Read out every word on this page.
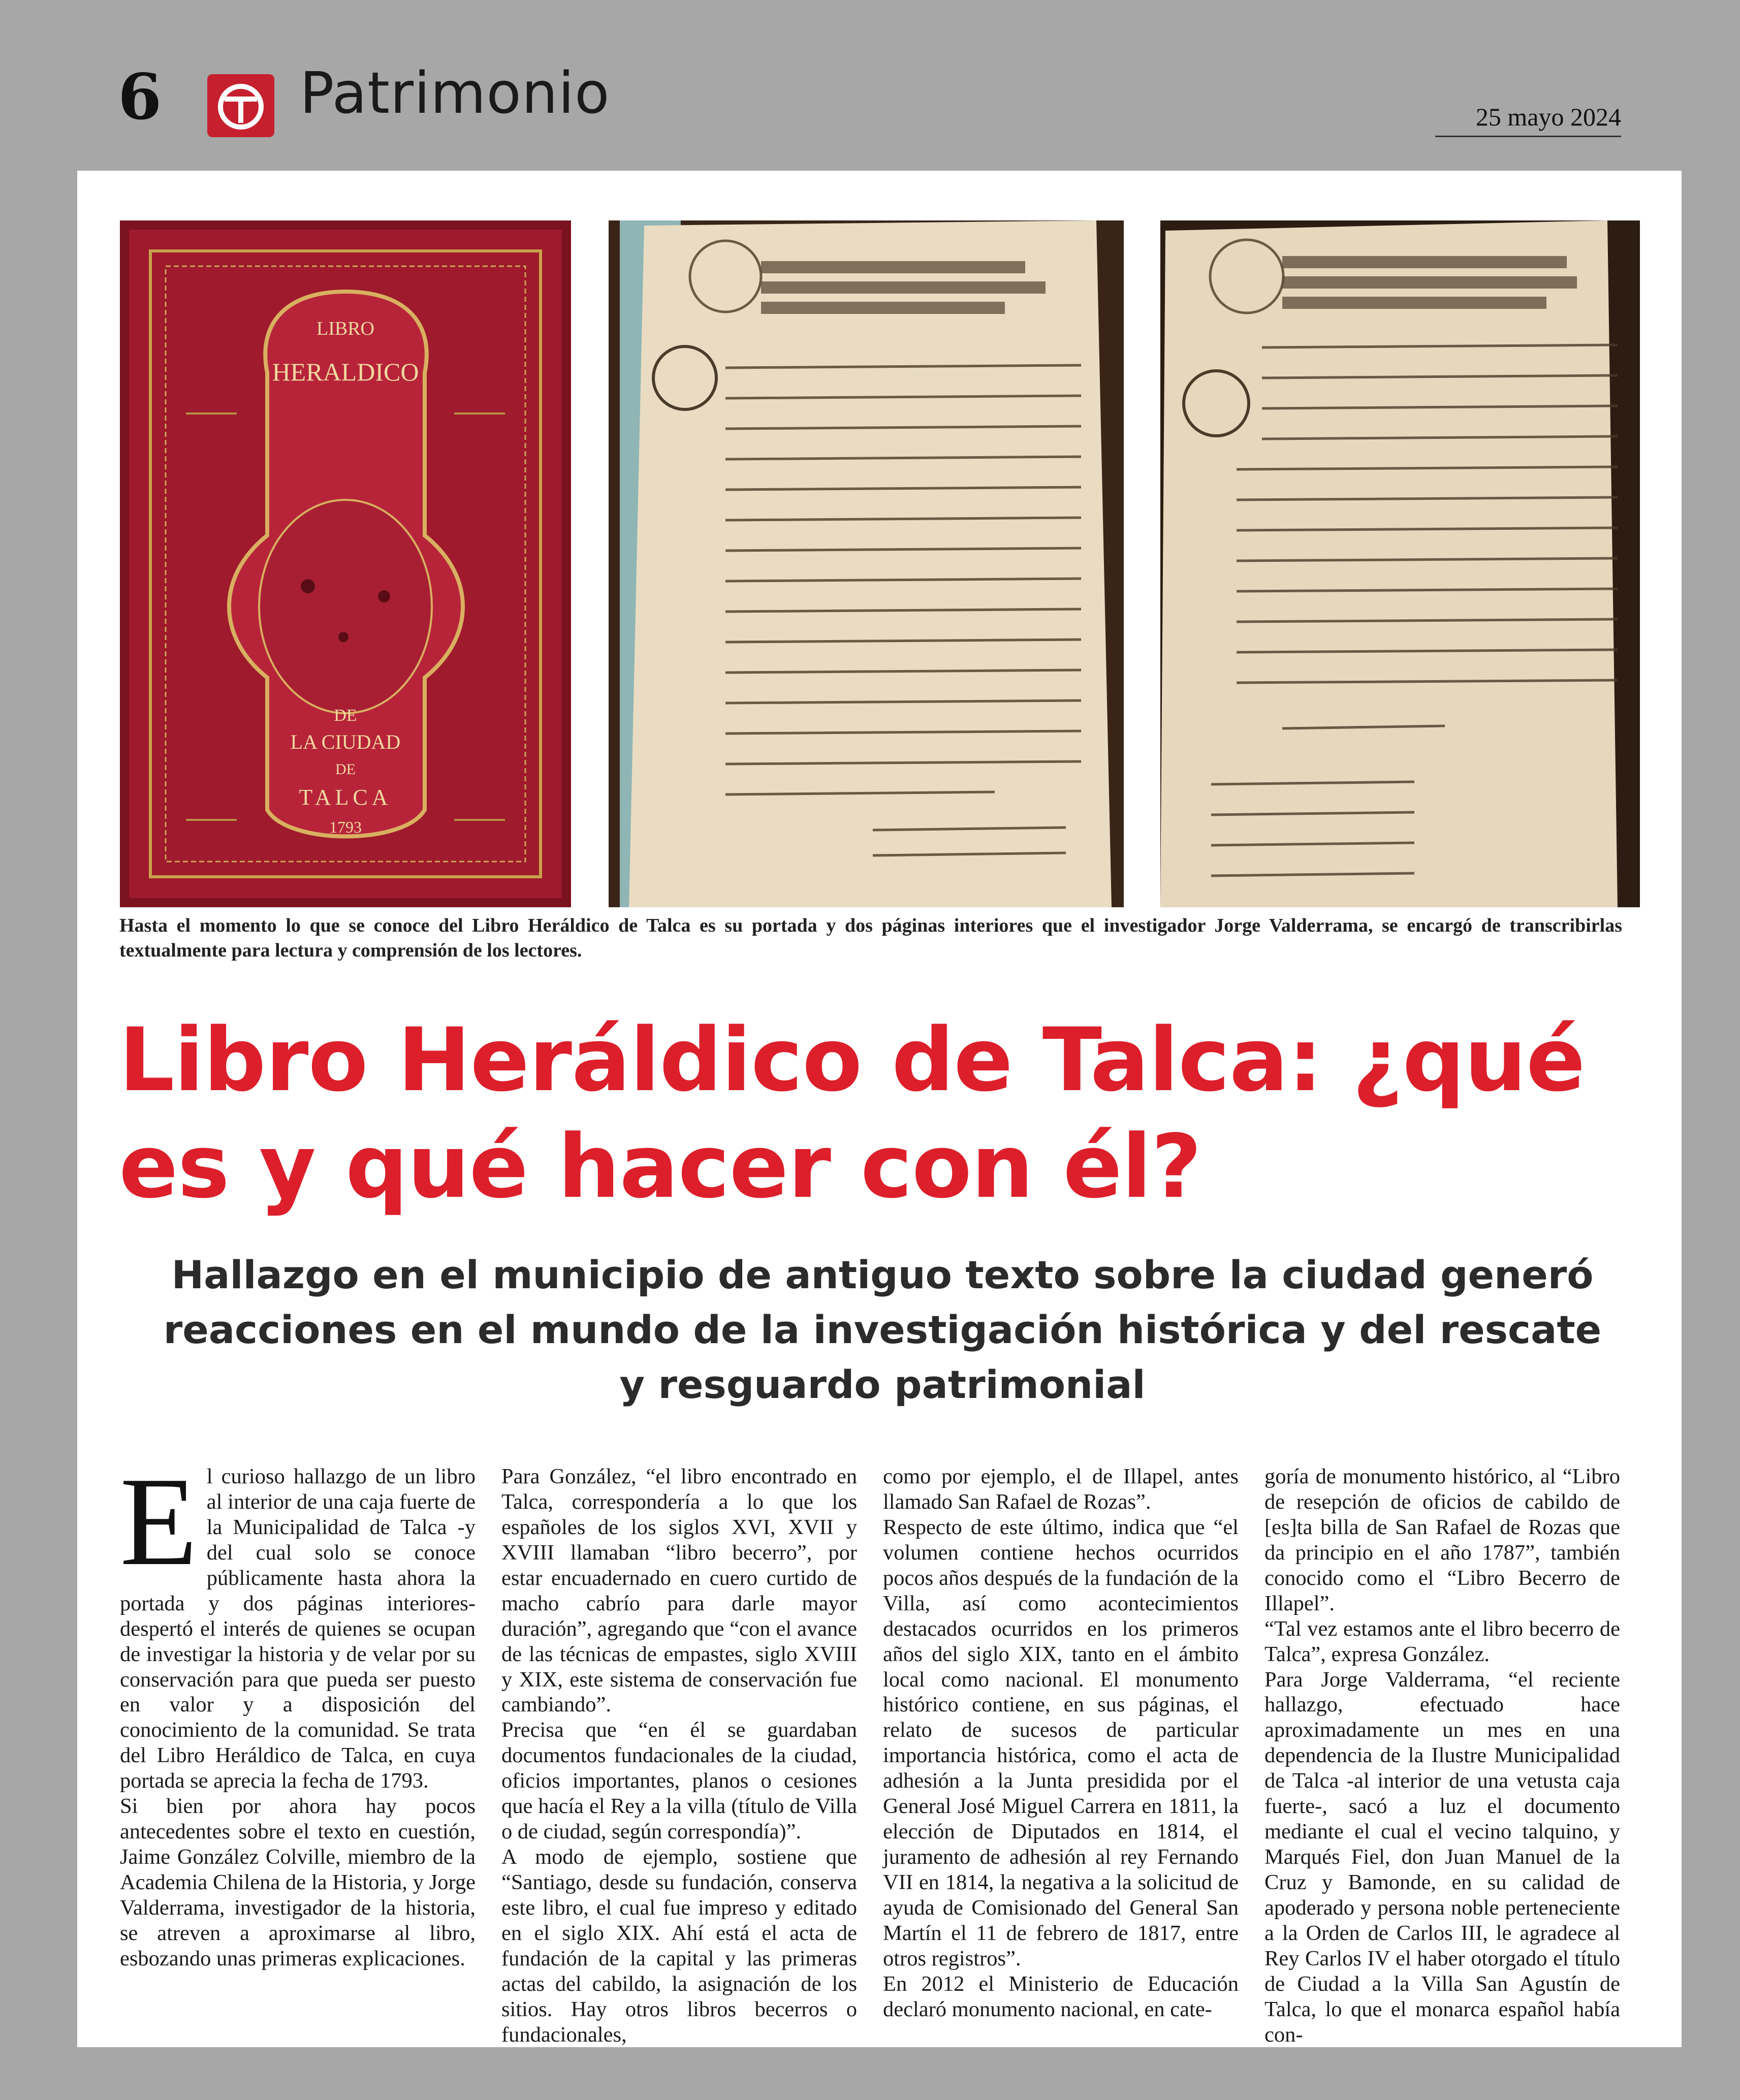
6 Patrimonio	25 mayo 2024
LIBRO
HERALDICO
DE
LA CIUDAD
DE
TALCA
1793
Hasta el momento lo que se conoce del Libro Heráldico de Talca es su portada y dos páginas interiores que el investigador Jorge Valderrama, se encargó de transcribirlas textualmente para lectura y comprensión de los lectores.
Libro Heráldico de Talca: ¿qué es y qué hacer con él?
Hallazgo en el municipio de antiguo texto sobre la ciudad generó reacciones en el mundo de la investigación histórica y del rescate y resguardo patrimonial

El curioso hallazgo de un libro al interior de una caja fuerte de la Municipalidad de Talca -y del cual solo se conoce públicamente hasta ahora la portada y dos páginas interiores- despertó el interés de quienes se ocupan de investigar la historia y de velar por su conservación para que pueda ser puesto en valor y a disposición del conocimiento de la comunidad. Se trata del Libro Heráldico de Talca, en cuya portada se aprecia la fecha de 1793.

Si bien por ahora hay pocos antecedentes sobre el texto en cuestión, Jaime González Colville, miembro de la Academia Chilena de la Historia, y Jorge Valderrama, investigador de la historia, se atreven a aproximarse al libro, esbozando unas primeras explicaciones.

Para González, “el libro encontrado en Talca, correspondería a lo que los españoles de los siglos XVI, XVII y XVIII llamaban “libro becerro”, por estar encuadernado en cuero curtido de macho cabrío para darle mayor duración”, agregando que “con el avance de las técnicas de empastes, siglo XVIII y XIX, este sistema de conservación fue cambiando”.

Precisa que “en él se guardaban documentos fundacionales de la ciudad, oficios importantes, planos o cesiones que hacía el Rey a la villa (título de Villa o de ciudad, según correspondía)”.

A modo de ejemplo, sostiene que “Santiago, desde su fundación, conserva este libro, el cual fue impreso y editado en el siglo XIX. Ahí está el acta de fundación de la capital y las primeras actas del cabildo, la asignación de los sitios. Hay otros libros becerros o fundacionales,

como por ejemplo, el de Illapel, antes llamado San Rafael de Rozas”.

Respecto de este último, indica que “el volumen contiene hechos ocurridos pocos años después de la fundación de la Villa, así como acontecimientos destacados ocurridos en los primeros años del siglo XIX, tanto en el ámbito local como nacional. El monumento histórico contiene, en sus páginas, el relato de sucesos de particular importancia histórica, como el acta de adhesión a la Junta presidida por el General José Miguel Carrera en 1811, la elección de Diputados en 1814, el juramento de adhesión al rey Fernando VII en 1814, la negativa a la solicitud de ayuda de Comisionado del General San Martín el 11 de febrero de 1817, entre otros registros”.

En 2012 el Ministerio de Educación declaró monumento nacional, en cate-

goría de monumento histórico, al “Libro de resepción de oficios de cabildo de [es]ta billa de San Rafael de Rozas que da principio en el año 1787”, también conocido como el “Libro Becerro de Illapel”.

“Tal vez estamos ante el libro becerro de Talca”, expresa González.

Para Jorge Valderrama, “el reciente hallazgo, efectuado hace aproximadamente un mes en una dependencia de la Ilustre Municipalidad de Talca -al interior de una vetusta caja fuerte-, sacó a luz el documento mediante el cual el vecino talquino, y Marqués Fiel, don Juan Manuel de la Cruz y Bamonde, en su calidad de apoderado y persona noble perteneciente a la Orden de Carlos III, le agradece al Rey Carlos IV el haber otorgado el título de Ciudad a la Villa San Agustín de Talca, lo que el monarca español había con-
